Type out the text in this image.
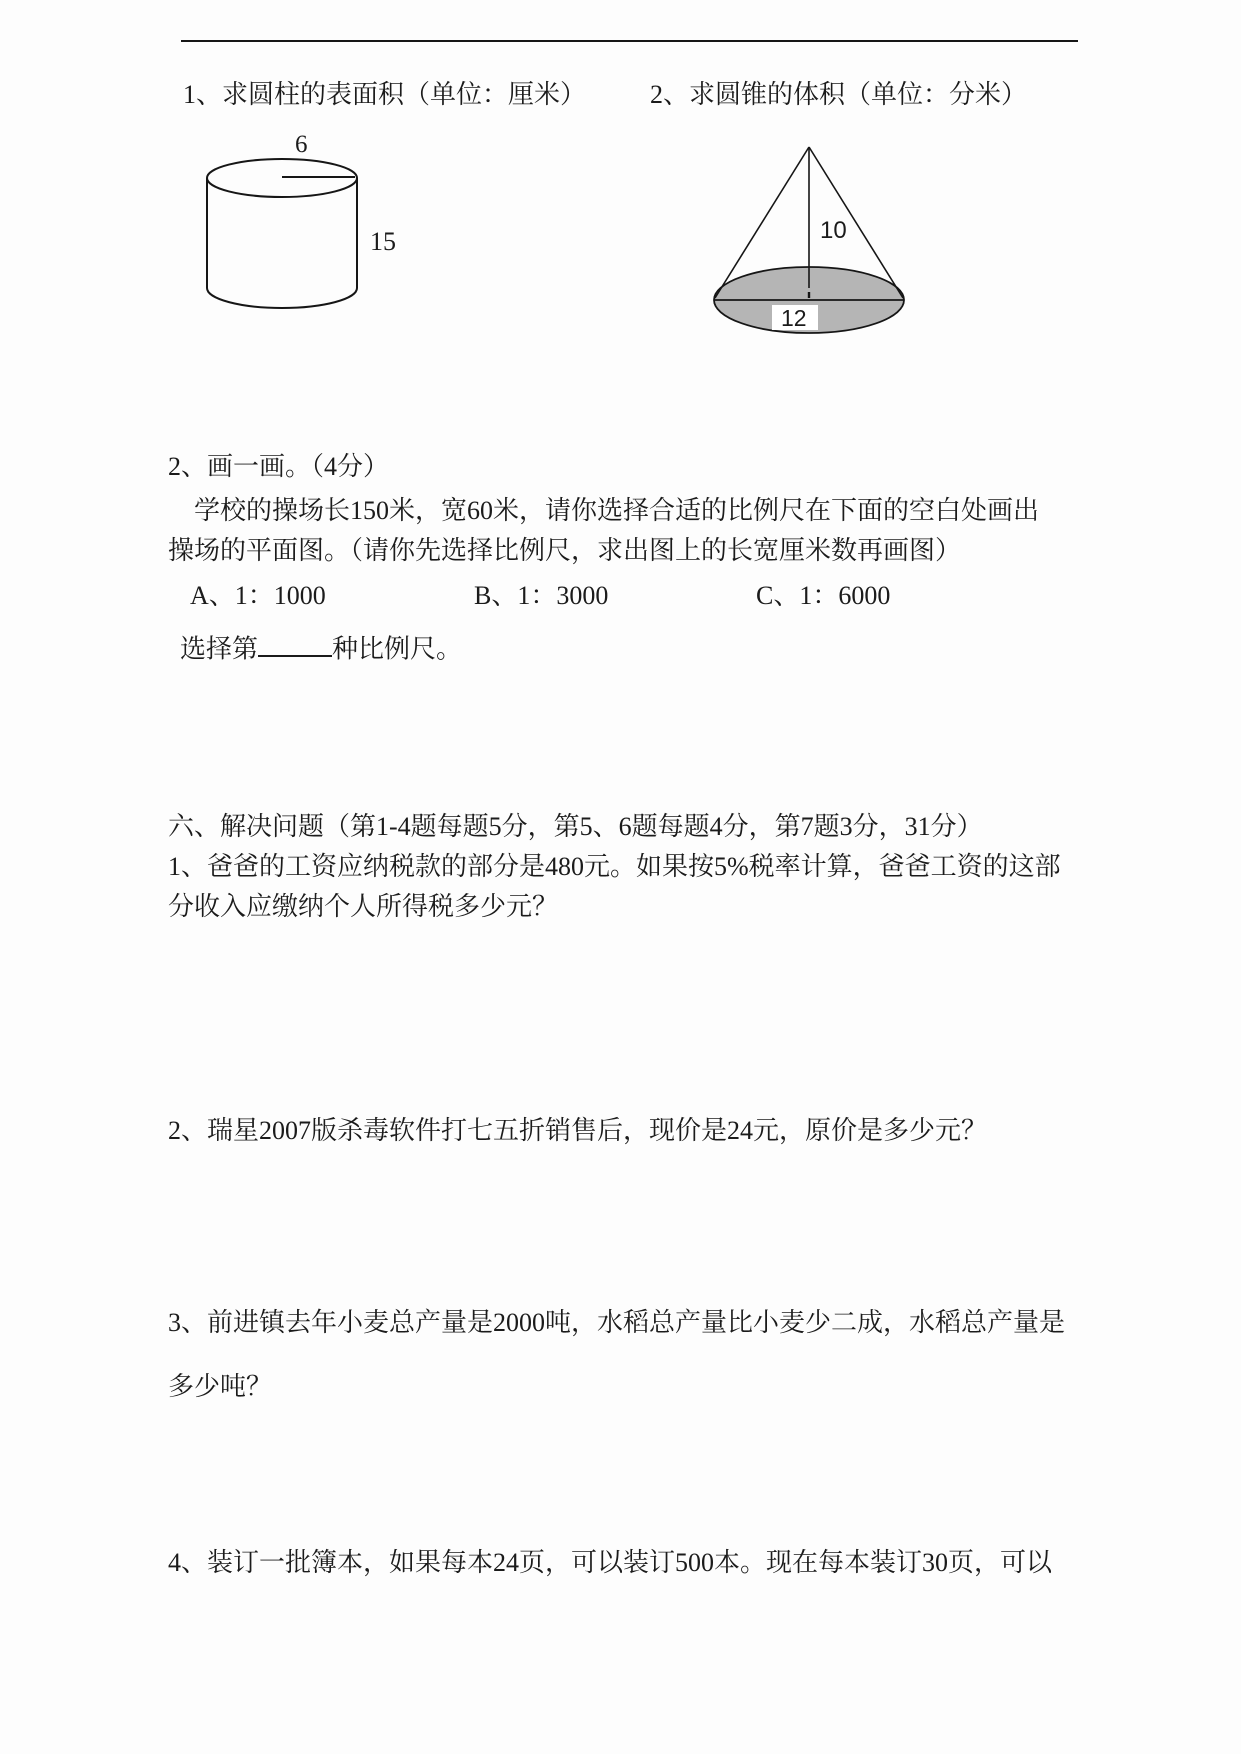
1、求圆柱的表面积（单位：厘米） 2、求圆锥的体积（单位：分米）
6
15	10
12
2、画一画。（4分）
学校的操场长150米，宽60米，请你选择合适的比例尺在下面的空白处画出
操场的平面图。（请你先选择比例尺，求出图上的长宽厘米数再画图）
A、1：1000	B、1：3000	C、1：6000
选择第	种比例尺。
六、解决问题（第1-4题每题5分，第5、6题每题4分，第7题3分，31分）
1、爸爸的工资应纳税款的部分是480元。如果按5%税率计算，爸爸工资的这部
分收入应缴纳个人所得税多少元？
2、瑞星2007版杀毒软件打七五折销售后，现价是24元，原价是多少元？
3、前进镇去年小麦总产量是2000吨，水稻总产量比小麦少二成，水稻总产量是
多少吨？
4、装订一批簿本，如果每本24页，可以装订500本。现在每本装订30页，可以
